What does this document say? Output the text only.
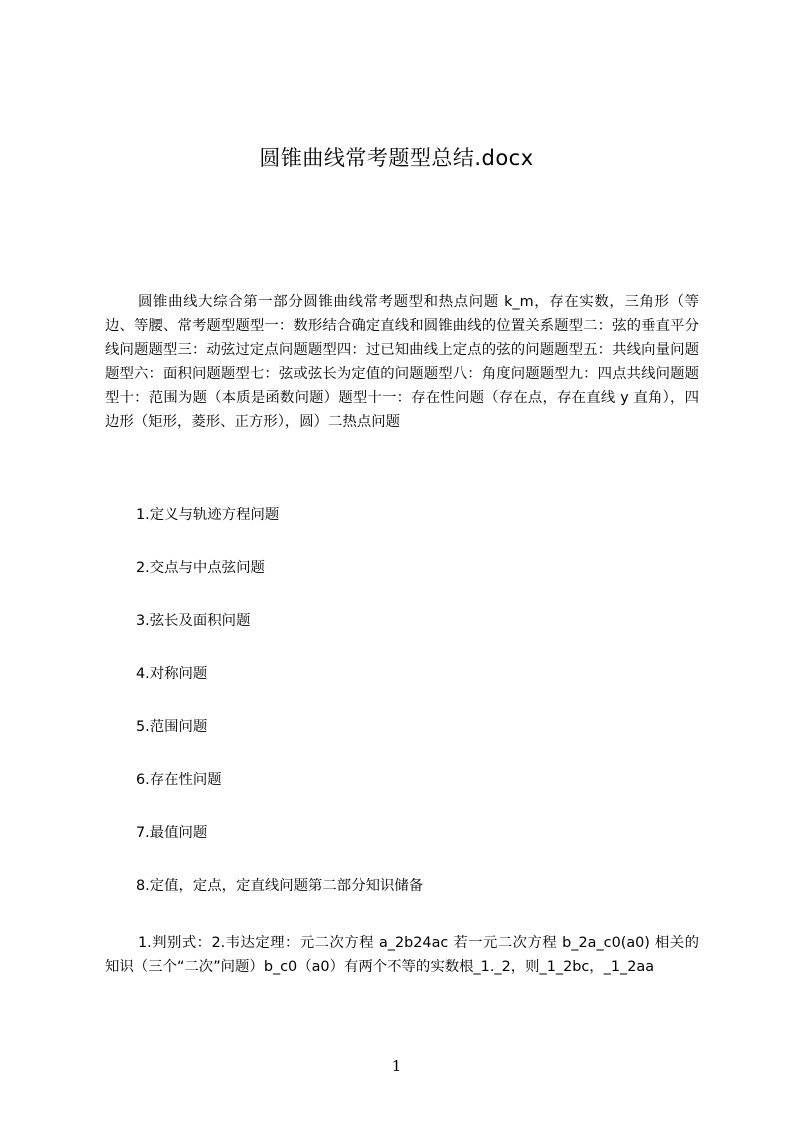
圆锥曲线常考题型总结.docx

圆锥曲线大综合第一部分圆锥曲线常考题型和热点问题 k_m，存在实数，三角形（等边、等腰、常考题型题型一：数形结合确定直线和圆锥曲线的位置关系题型二：弦的垂直平分线问题题型三：动弦过定点问题题型四：过已知曲线上定点的弦的问题题型五：共线向量问题题型六：面积问题题型七：弦或弦长为定值的问题题型八：角度问题题型九：四点共线问题题型十：范围为题（本质是函数问题）题型十一：存在性问题（存在点，存在直线 y 直角），四边形（矩形，菱形、正方形），圆）二热点问题

1.定义与轨迹方程问题

2.交点与中点弦问题

3.弦长及面积问题

4.对称问题

5.范围问题

6.存在性问题

7.最值问题

8.定值，定点，定直线问题第二部分知识储备

1.判别式：2.韦达定理：元二次方程 a_2b24ac 若一元二次方程 b_2a_c0(a0) 相关的知识（三个“二次”问题）b_c0（a0）有两个不等的实数根_1._2，则_1_2bc，_1_2aa

1
